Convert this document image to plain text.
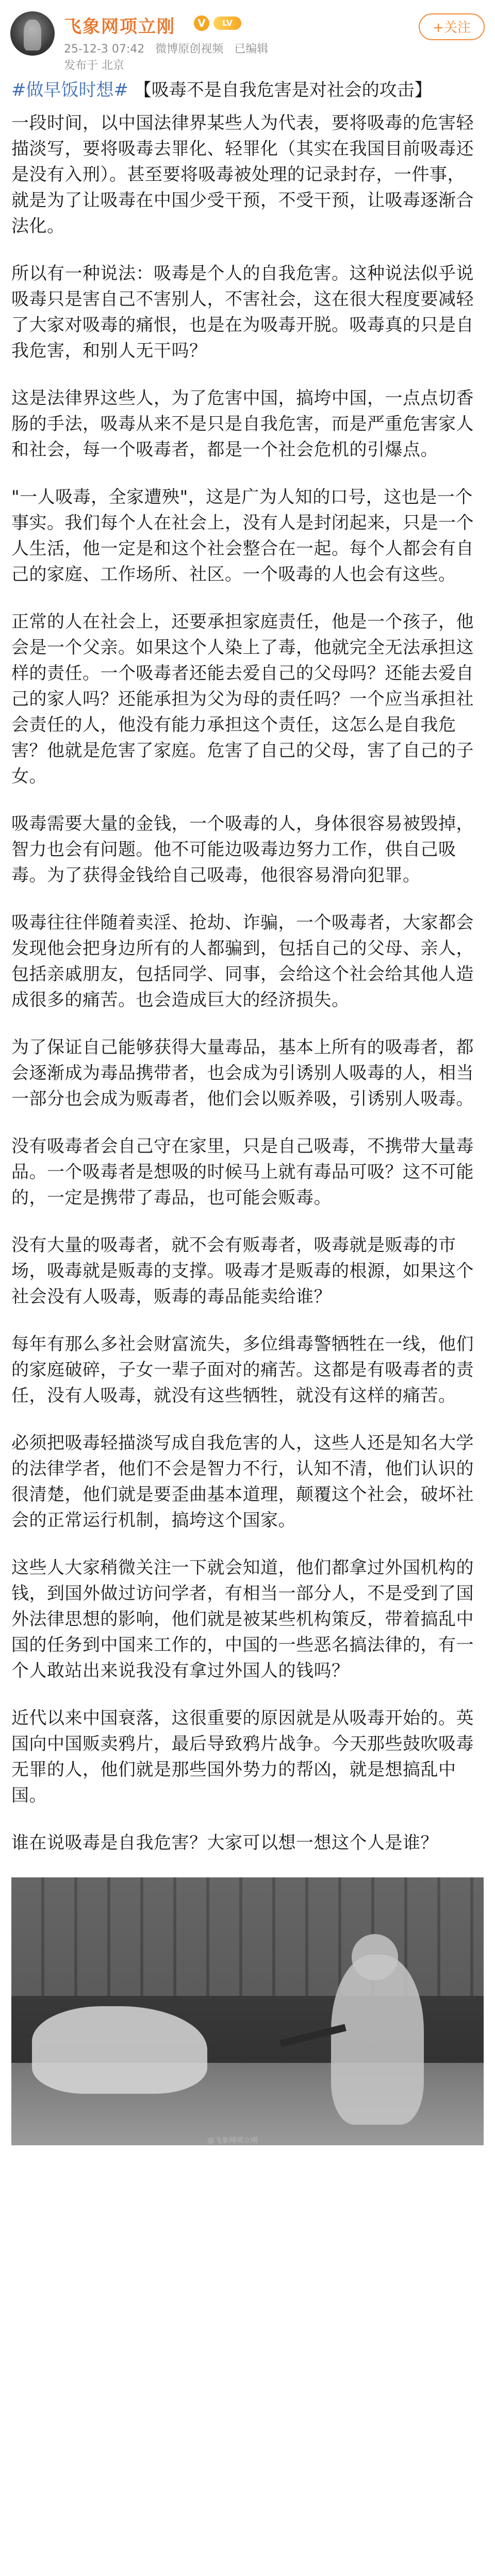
飞象网项立刚	V	LV	+关注
25-12-3 07:42 微博原创视频 已编辑
发布于 北京
#做早饭时想# 【吸毒不是自我危害是对社会的攻击】

一段时间，以中国法律界某些人为代表，要将吸毒的危害轻描淡写，要将吸毒去罪化、轻罪化（其实在我国目前吸毒还是没有入刑）。甚至要将吸毒被处理的记录封存，一件事，就是为了让吸毒在中国少受干预，不受干预，让吸毒逐渐合法化。

所以有一种说法：吸毒是个人的自我危害。这种说法似乎说吸毒只是害自己不害别人，不害社会，这在很大程度要减轻了大家对吸毒的痛恨，也是在为吸毒开脱。吸毒真的只是自我危害，和别人无干吗？

这是法律界这些人，为了危害中国，搞垮中国，一点点切香肠的手法，吸毒从来不是只是自我危害，而是严重危害家人和社会，每一个吸毒者，都是一个社会危机的引爆点。

"一人吸毒，全家遭殃"，这是广为人知的口号，这也是一个事实。我们每个人在社会上，没有人是封闭起来，只是一个人生活，他一定是和这个社会整合在一起。每个人都会有自己的家庭、工作场所、社区。一个吸毒的人也会有这些。

正常的人在社会上，还要承担家庭责任，他是一个孩子，他会是一个父亲。如果这个人染上了毒，他就完全无法承担这样的责任。一个吸毒者还能去爱自己的父母吗？还能去爱自己的家人吗？还能承担为父为母的责任吗？一个应当承担社会责任的人，他没有能力承担这个责任，这怎么是自我危害？他就是危害了家庭。危害了自己的父母，害了自己的子女。

吸毒需要大量的金钱，一个吸毒的人，身体很容易被毁掉，智力也会有问题。他不可能边吸毒边努力工作，供自己吸毒。为了获得金钱给自己吸毒，他很容易滑向犯罪。

吸毒往往伴随着卖淫、抢劫、诈骗，一个吸毒者，大家都会发现他会把身边所有的人都骗到，包括自己的父母、亲人，包括亲戚朋友，包括同学、同事，会给这个社会给其他人造成很多的痛苦。也会造成巨大的经济损失。

为了保证自己能够获得大量毒品，基本上所有的吸毒者，都会逐渐成为毒品携带者，也会成为引诱别人吸毒的人，相当一部分也会成为贩毒者，他们会以贩养吸，引诱别人吸毒。

没有吸毒者会自己守在家里，只是自己吸毒，不携带大量毒品。一个吸毒者是想吸的时候马上就有毒品可吸？这不可能的，一定是携带了毒品，也可能会贩毒。

没有大量的吸毒者，就不会有贩毒者，吸毒就是贩毒的市场，吸毒就是贩毒的支撑。吸毒才是贩毒的根源，如果这个社会没有人吸毒，贩毒的毒品能卖给谁？

每年有那么多社会财富流失，多位缉毒警牺牲在一线，他们的家庭破碎，子女一辈子面对的痛苦。这都是有吸毒者的责任，没有人吸毒，就没有这些牺牲，就没有这样的痛苦。

必须把吸毒轻描淡写成自我危害的人，这些人还是知名大学的法律学者，他们不会是智力不行，认知不清，他们认识的很清楚，他们就是要歪曲基本道理，颠覆这个社会，破坏社会的正常运行机制，搞垮这个国家。

这些人大家稍微关注一下就会知道，他们都拿过外国机构的钱，到国外做过访问学者，有相当一部分人，不是受到了国外法律思想的影响，他们就是被某些机构策反，带着搞乱中国的任务到中国来工作的，中国的一些恶名搞法律的，有一个人敢站出来说我没有拿过外国人的钱吗？

近代以来中国衰落，这很重要的原因就是从吸毒开始的。英国向中国贩卖鸦片，最后导致鸦片战争。今天那些鼓吹吸毒无罪的人，他们就是那些国外势力的帮凶，就是想搞乱中国。

谁在说吸毒是自我危害？大家可以想一想这个人是谁？

@飞象网项立刚
